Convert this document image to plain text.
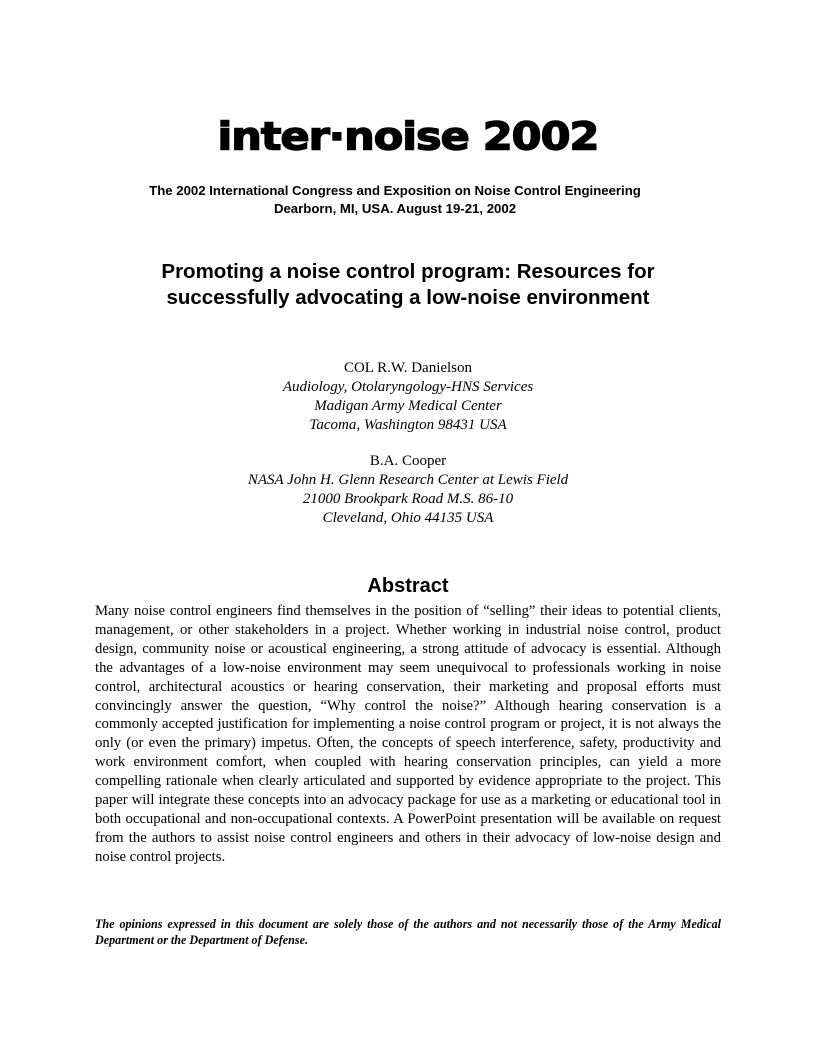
inter·noise 2002
The 2002 International Congress and Exposition on Noise Control Engineering
Dearborn, MI, USA. August 19-21, 2002
Promoting a noise control program: Resources for
successfully advocating a low-noise environment
COL R.W. Danielson
Audiology, Otolaryngology-HNS Services
Madigan Army Medical Center
Tacoma, Washington 98431 USA
B.A. Cooper
NASA John H. Glenn Research Center at Lewis Field
21000 Brookpark Road M.S. 86-10
Cleveland, Ohio 44135 USA
Abstract

Many noise control engineers find themselves in the position of “selling” their ideas to potential clients, management, or other stakeholders in a project. Whether working in industrial noise control, product design, community noise or acoustical engineering, a strong attitude of advocacy is essential. Although the advantages of a low-noise environment may seem unequivocal to professionals working in noise control, architectural acoustics or hearing conservation, their marketing and proposal efforts must convincingly answer the question, “Why control the noise?” Although hearing conservation is a commonly accepted justification for implementing a noise control program or project, it is not always the only (or even the primary) impetus. Often, the concepts of speech interference, safety, productivity and work environment comfort, when coupled with hearing conservation principles, can yield a more compelling rationale when clearly articulated and supported by evidence appropriate to the project. This paper will integrate these concepts into an advocacy package for use as a marketing or educational tool in both occupational and non-occupational contexts. A PowerPoint presentation will be available on request from the authors to assist noise control engineers and others in their advocacy of low-noise design and noise control projects.

The opinions expressed in this document are solely those of the authors and not necessarily those of the Army Medical Department or the Department of Defense.
